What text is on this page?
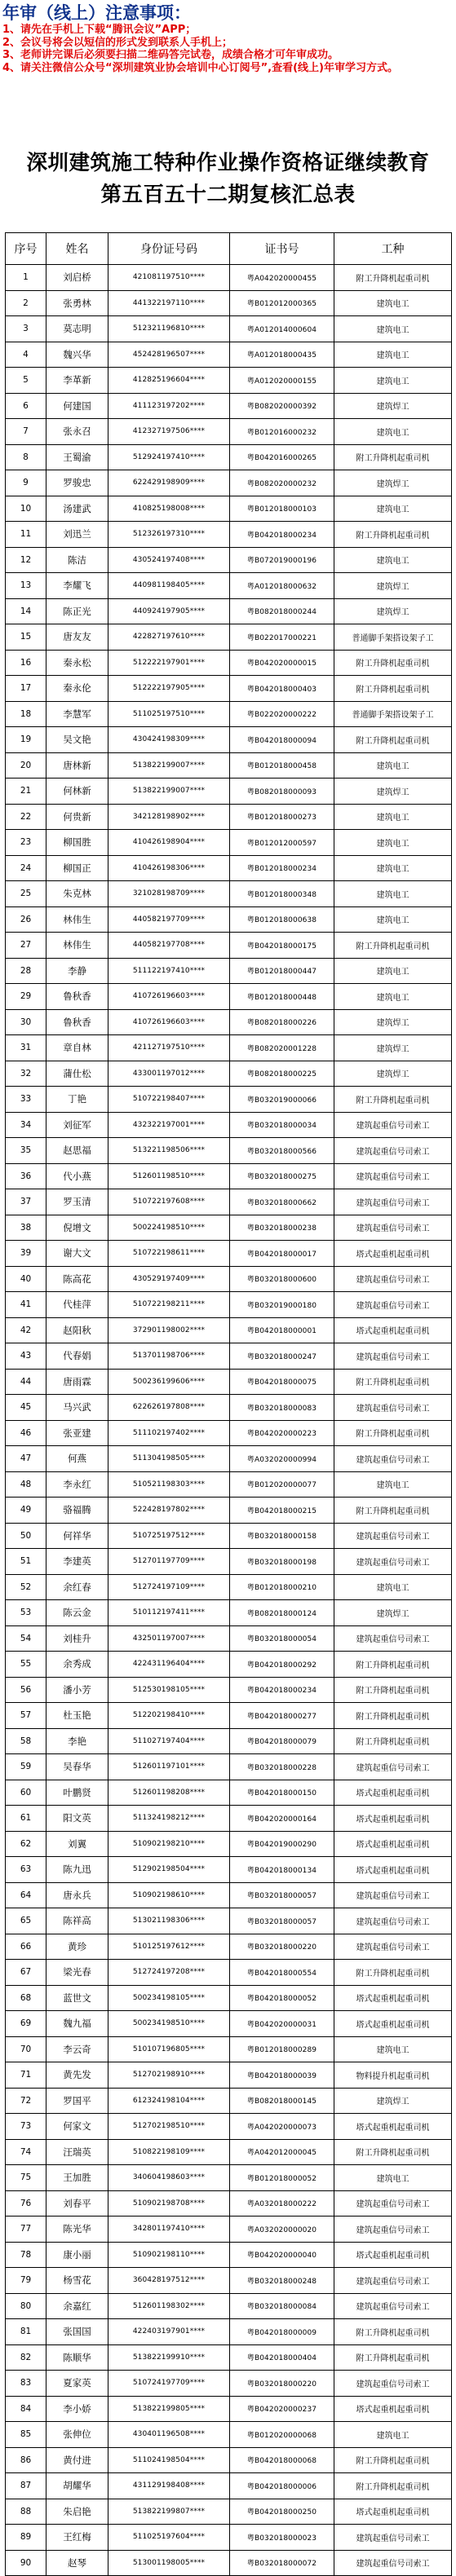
年审（线上）注意事项：
1、请先在手机上下载“腾讯会议”APP；
2、会议号将会以短信的形式发到联系人手机上；
3、老师讲完课后必须要扫描二维码答完试卷，成绩合格才可年审成功。
4、请关注微信公众号“深圳建筑业协会培训中心订阅号”,查看(线上)年审学习方式。
深圳建筑施工特种作业操作资格证继续教育
第五百五十二期复核汇总表
序号	姓名	身份证号码	证书号	工种
1	刘启桥	421081197510****	粤A042020000455	附工升降机起重司机
2	张勇林	441322197110****	粤B012012000365	建筑电工
3	莫志明	512321196810****	粤A012014000604	建筑电工
4	魏兴华	452428196507****	粤A012018000435	建筑电工
5	李革新	412825196604****	粤A012020000155	建筑电工
6	何建国	411123197202****	粤B082020000392	建筑焊工
7	张永召	412327197506****	粤B012016000232	建筑电工
8	王蜀渝	512924197410****	粤B042016000265	附工升降机起重司机
9	罗骏忠	622429198909****	粤B082020000232	建筑焊工
10	汤建武	410825198008****	粤B012018000103	建筑电工
11	刘迅兰	512326197310****	粤B042018000234	附工升降机起重司机
12	陈洁	430524197408****	粤B072019000196	建筑电工
13	李耀飞	440981198405****	粤A012018000632	建筑焊工
14	陈正光	440924197905****	粤B082018000244	建筑焊工
15	唐友友	422827197610****	粤B022017000221	普通脚手架搭设架子工
16	秦永松	512222197901****	粤B042020000015	附工升降机起重司机
17	秦永伦	512222197905****	粤B042018000403	附工升降机起重司机
18	李慧军	511025197510****	粤B022020000222	普通脚手架搭设架子工
19	吴文艳	430424198309****	粤B042018000094	附工升降机起重司机
20	唐林新	513822199007****	粤B012018000458	建筑电工
21	何林新	513822199007****	粤B082018000093	建筑焊工
22	何贵新	342128198902****	粤B012018000273	建筑电工
23	柳国胜	410426198904****	粤B012012000597	建筑电工
24	柳国正	410426198306****	粤B012018000234	建筑电工
25	朱克林	321028198709****	粤B012018000348	建筑电工
26	林伟生	440582197709****	粤B012018000638	建筑电工
27	林伟生	440582197708****	粤B042018000175	附工升降机起重司机
28	李静	511122197410****	粤B012018000447	建筑电工
29	鲁秋香	410726196603****	粤B012018000448	建筑电工
30	鲁秋香	410726196603****	粤B082018000226	建筑焊工
31	章自林	421127197510****	粤B082020001228	建筑焊工
32	蒲仕松	433001197012****	粤B082018000225	建筑焊工
33	丁艳	510722198407****	粤B032019000066	附工升降机起重司机
34	刘征军	432322197001****	粤B032018000034	建筑起重信号司索工
35	赵思福	513221198506****	粤B032018000566	建筑起重信号司索工
36	代小燕	512601198510****	粤B032018000275	建筑起重信号司索工
37	罗玉清	510722197608****	粤B032018000662	建筑起重信号司索工
38	倪增文	500224198510****	粤B032018000238	建筑起重信号司索工
39	谢大文	510722198611****	粤B042018000017	塔式起重机起重司机
40	陈高花	430529197409****	粤B032018000600	建筑起重信号司索工
41	代桂萍	510722198211****	粤B032019000180	建筑起重信号司索工
42	赵阳秋	372901198002****	粤B042018000001	塔式起重机起重司机
43	代春娟	513701198706****	粤B032018000247	建筑起重信号司索工
44	唐雨霖	500236199606****	粤B042018000075	附工升降机起重司机
45	马兴武	622626197808****	粤B032018000083	建筑起重信号司索工
46	张亚建	511102197402****	粤B042020000223	附工升降机起重司机
47	何燕	511304198505****	粤A032020000994	建筑起重信号司索工
48	李永红	510521198303****	粤B012020000077	建筑电工
49	骆福腾	522428197802****	粤B042018000215	附工升降机起重司机
50	何祥华	510725197512****	粤B032018000158	建筑起重信号司索工
51	李建英	512701197709****	粤B032018000198	建筑起重信号司索工
52	余红春	512724197109****	粤B012018000210	建筑电工
53	陈云金	510112197411****	粤B082018000124	建筑焊工
54	刘桂升	432501197007****	粤B032018000054	建筑起重信号司索工
55	余秀成	422431196404****	粤B042018000292	附工升降机起重司机
56	潘小芳	512530198105****	粤B042018000234	附工升降机起重司机
57	杜玉艳	512202198410****	粤B042018000277	附工升降机起重司机
58	李艳	511027197404****	粤B042018000079	附工升降机起重司机
59	吴春华	512601197101****	粤B032018000228	建筑起重信号司索工
60	叶鹏贤	512601198208****	粤B042018000150	塔式起重机起重司机
61	阳文英	511324198212****	粤B042020000164	塔式起重机起重司机
62	刘翼	510902198210****	粤B042019000290	塔式起重机起重司机
63	陈九迅	512902198504****	粤B042018000134	塔式起重机起重司机
64	唐永兵	510902198610****	粤B032018000057	建筑起重信号司索工
65	陈祥高	513021198306****	粤B032018000057	建筑起重信号司索工
66	黄珍	510125197612****	粤B032018000220	建筑起重信号司索工
67	梁光春	512724197208****	粤B042018000554	附工升降机起重司机
68	蓝世文	500234198105****	粤B042018000052	塔式起重机起重司机
69	魏九福	500234198510****	粤B042020000031	塔式起重机起重司机
70	李云奇	510107196805****	粤B012018000289	建筑电工
71	黄先发	512702198910****	粤B042018000039	物料提升机起重司机
72	罗国平	612324198104****	粤B082018000145	建筑焊工
73	何家文	512702198510****	粤A042020000073	塔式起重机起重司机
74	汪瑞英	510822198109****	粤A042012000045	附工升降机起重司机
75	王加胜	340604198603****	粤B012018000052	建筑电工
76	刘春平	510902198708****	粤A032018000222	建筑起重信号司索工
77	陈光华	342801197410****	粤A032020000020	建筑起重信号司索工
78	康小丽	510902198110****	粤B042020000040	塔式起重机起重司机
79	杨雪花	360428197512****	粤B032018000248	建筑起重信号司索工
80	余嘉红	512601198302****	粤B032018000084	建筑起重信号司索工
81	张国国	422403197901****	粤B042018000009	附工升降机起重司机
82	陈顺华	513822199910****	粤B042018000404	附工升降机起重司机
83	夏家英	510724197709****	粤B032018000220	建筑起重信号司索工
84	李小娇	513822199805****	粤B042020000237	塔式起重机起重司机
85	张伸位	430401196508****	粤B012020000068	建筑电工
86	黄付进	511024198504****	粤B042018000068	附工升降机起重司机
87	胡耀华	431129198408****	粤B042018000006	附工升降机起重司机
88	朱启艳	513822199807****	粤B042018000250	塔式起重机起重司机
89	王红梅	511025197604****	粤B032018000023	建筑起重信号司索工
90	赵琴	513001198005****	粤B032018000072	建筑起重信号司索工
